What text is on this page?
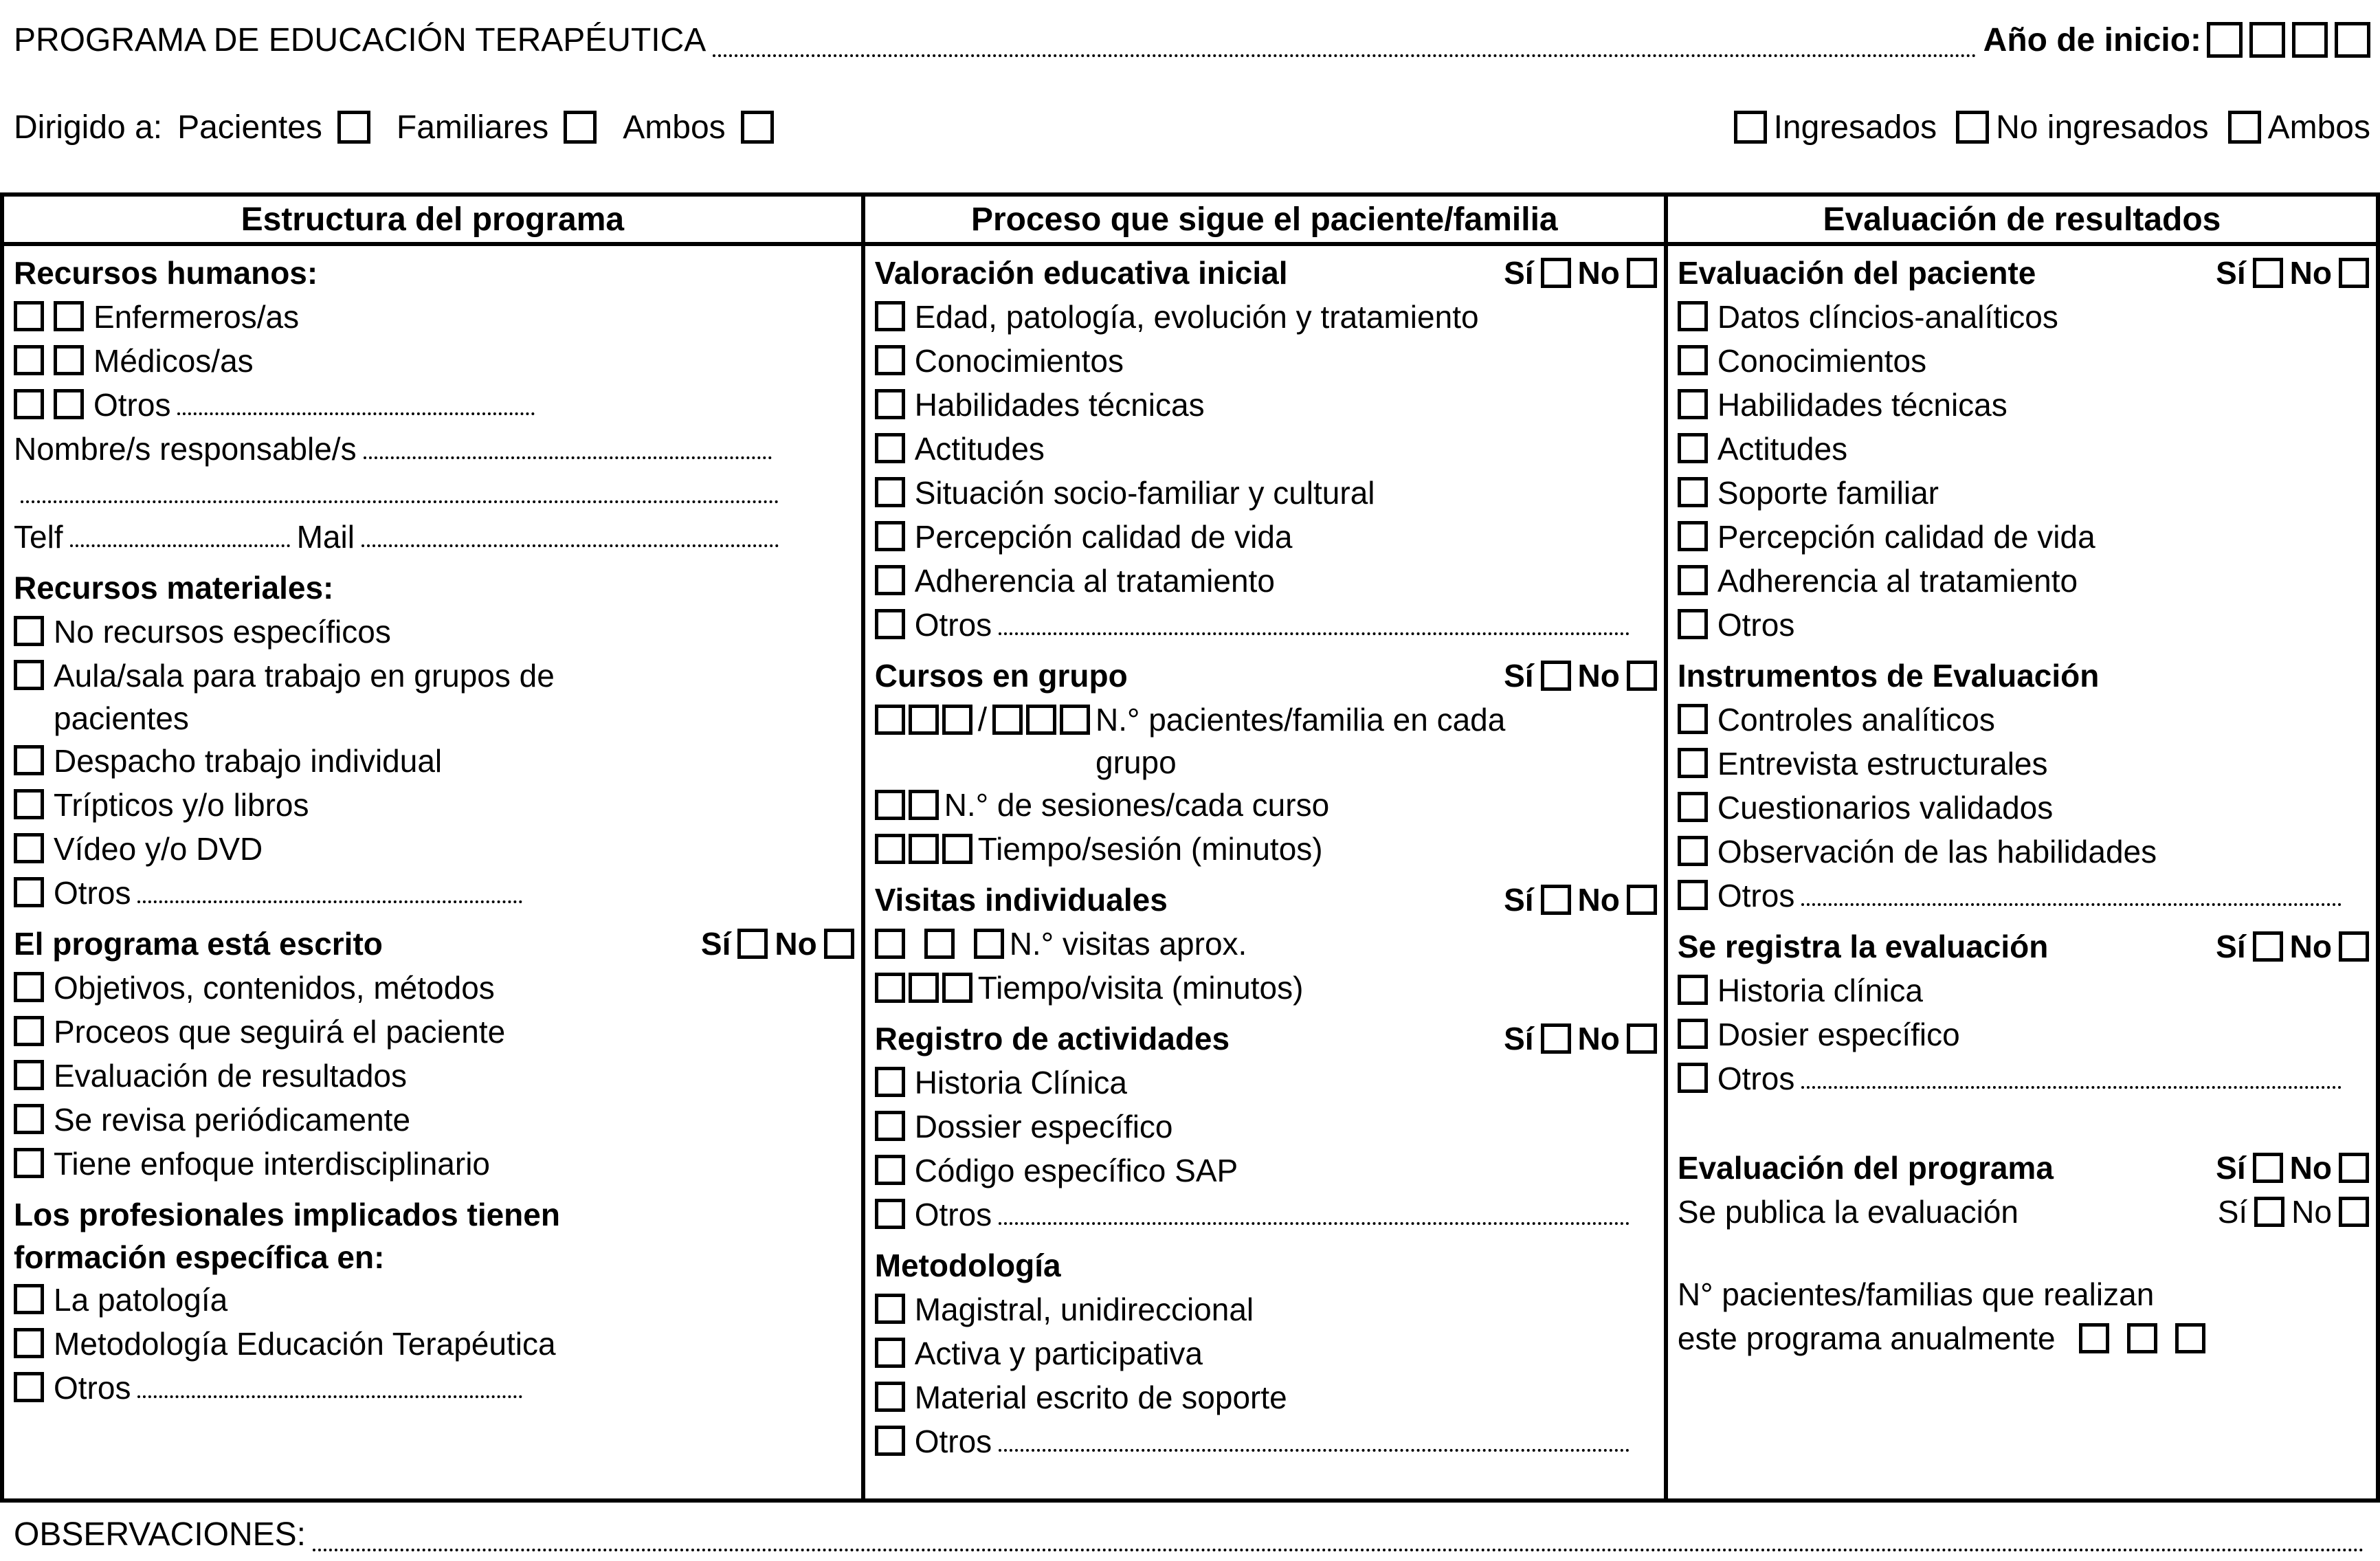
PROGRAMA DE EDUCACIÓN TERAPÉUTICA	Año de inicio:
Dirigido a: Pacientes Familiares Ambos	Ingresados No ingresados Ambos
Estructura del programa	Proceso que sigue el paciente/familia	Evaluación de resultados
Recursos humanos:
Enfermeros/as
Médicos/as
Otros
Nombre/s responsable/s
Telf	Mail
Recursos materiales:
No recursos específicos
Aula/sala para trabajo en grupos de pacientes
Despacho trabajo individual
Trípticos y/o libros
Vídeo y/o DVD
Otros
El programa está escrito	Sí No
Objetivos, contenidos, métodos
Proceos que seguirá el paciente
Evaluación de resultados
Se revisa periódicamente
Tiene enfoque interdisciplinario
Los profesionales implicados tienen formación específica en:
La patología
Metodología Educación Terapéutica
Otros
Valoración educativa inicial	Sí No
Edad, patología, evolución y tratamiento
Conocimientos
Habilidades técnicas
Actitudes
Situación socio-familiar y cultural
Percepción calidad de vida
Adherencia al tratamiento
Otros
Cursos en grupo	Sí No
/	N.° pacientes/familia en cada grupo
N.° de sesiones/cada curso
Tiempo/sesión (minutos)
Visitas individuales	Sí No
N.° visitas aprox.
Tiempo/visita (minutos)
Registro de actividades	Sí No
Historia Clínica
Dossier específico
Código específico SAP
Otros
Metodología
Magistral, unidireccional
Activa y participativa
Material escrito de soporte
Otros
Evaluación del paciente	Sí No
Datos clíncios-analíticos
Conocimientos
Habilidades técnicas
Actitudes
Soporte familiar
Percepción calidad de vida
Adherencia al tratamiento
Otros
Instrumentos de Evaluación
Controles analíticos
Entrevista estructurales
Cuestionarios validados
Observación de las habilidades
Otros
Se registra la evaluación	Sí No
Historia clínica
Dosier específico
Otros
Evaluación del programa	Sí No
Se publica la evaluación	Sí No
N° pacientes/familias que realizan
este programa anualmente
OBSERVACIONES:
